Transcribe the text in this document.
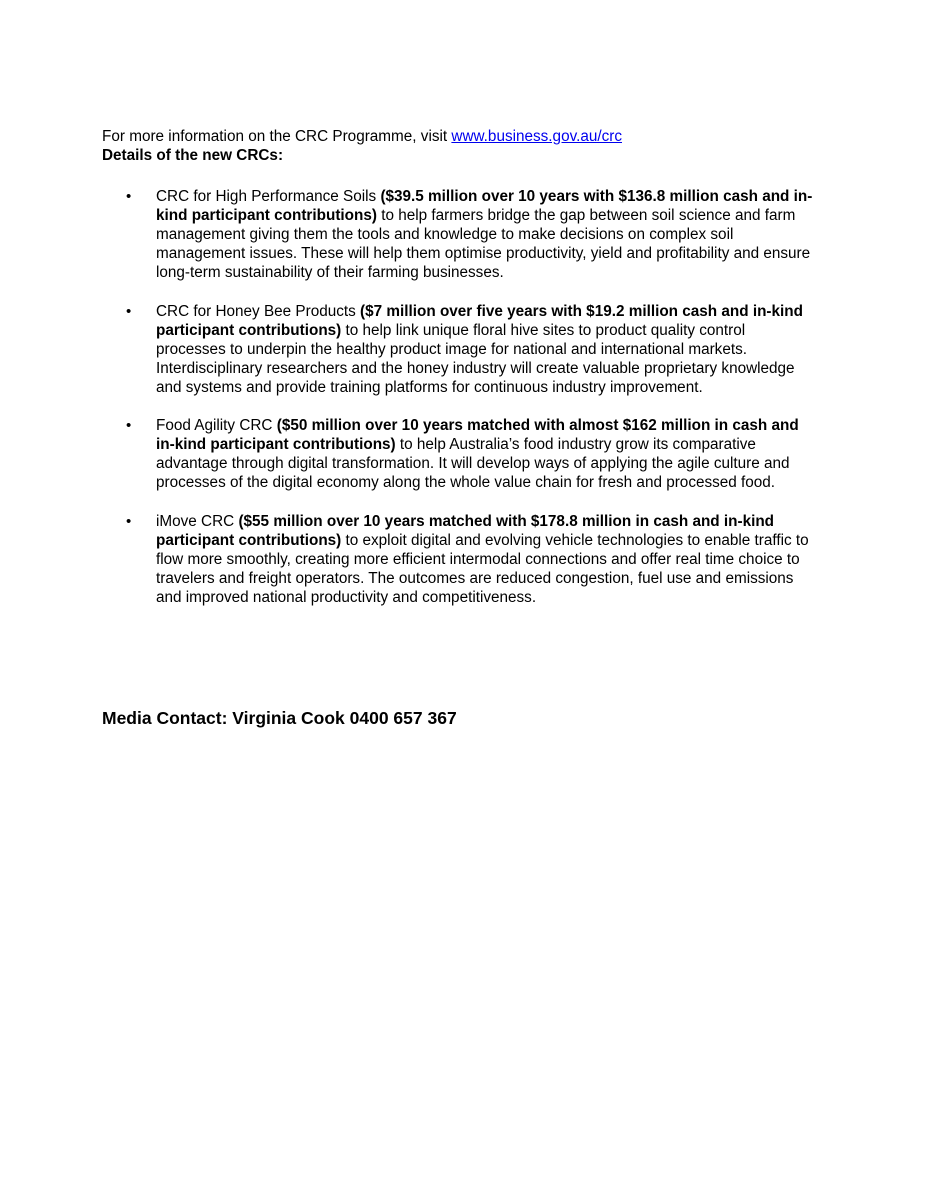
For more information on the CRC Programme, visit www.business.gov.au/crc
Details of the new CRCs:
• CRC for High Performance Soils ($39.5 million over 10 years with $136.8 million cash and in-kind participant contributions) to help farmers bridge the gap between soil science and farm management giving them the tools and knowledge to make decisions on complex soil management issues. These will help them optimise productivity, yield and profitability and ensure long-term sustainability of their farming businesses.
• CRC for Honey Bee Products ($7 million over five years with $19.2 million cash and in-kind participant contributions) to help link unique floral hive sites to product quality control processes to underpin the healthy product image for national and international markets. Interdisciplinary researchers and the honey industry will create valuable proprietary knowledge and systems and provide training platforms for continuous industry improvement.
• Food Agility CRC ($50 million over 10 years matched with almost $162 million in cash and in-kind participant contributions) to help Australia’s food industry grow its comparative advantage through digital transformation. It will develop ways of applying the agile culture and processes of the digital economy along the whole value chain for fresh and processed food.
• iMove CRC ($55 million over 10 years matched with $178.8 million in cash and in-kind participant contributions) to exploit digital and evolving vehicle technologies to enable traffic to flow more smoothly, creating more efficient intermodal connections and offer real time choice to travelers and freight operators. The outcomes are reduced congestion, fuel use and emissions and improved national productivity and competitiveness.
Media Contact: Virginia Cook 0400 657 367
